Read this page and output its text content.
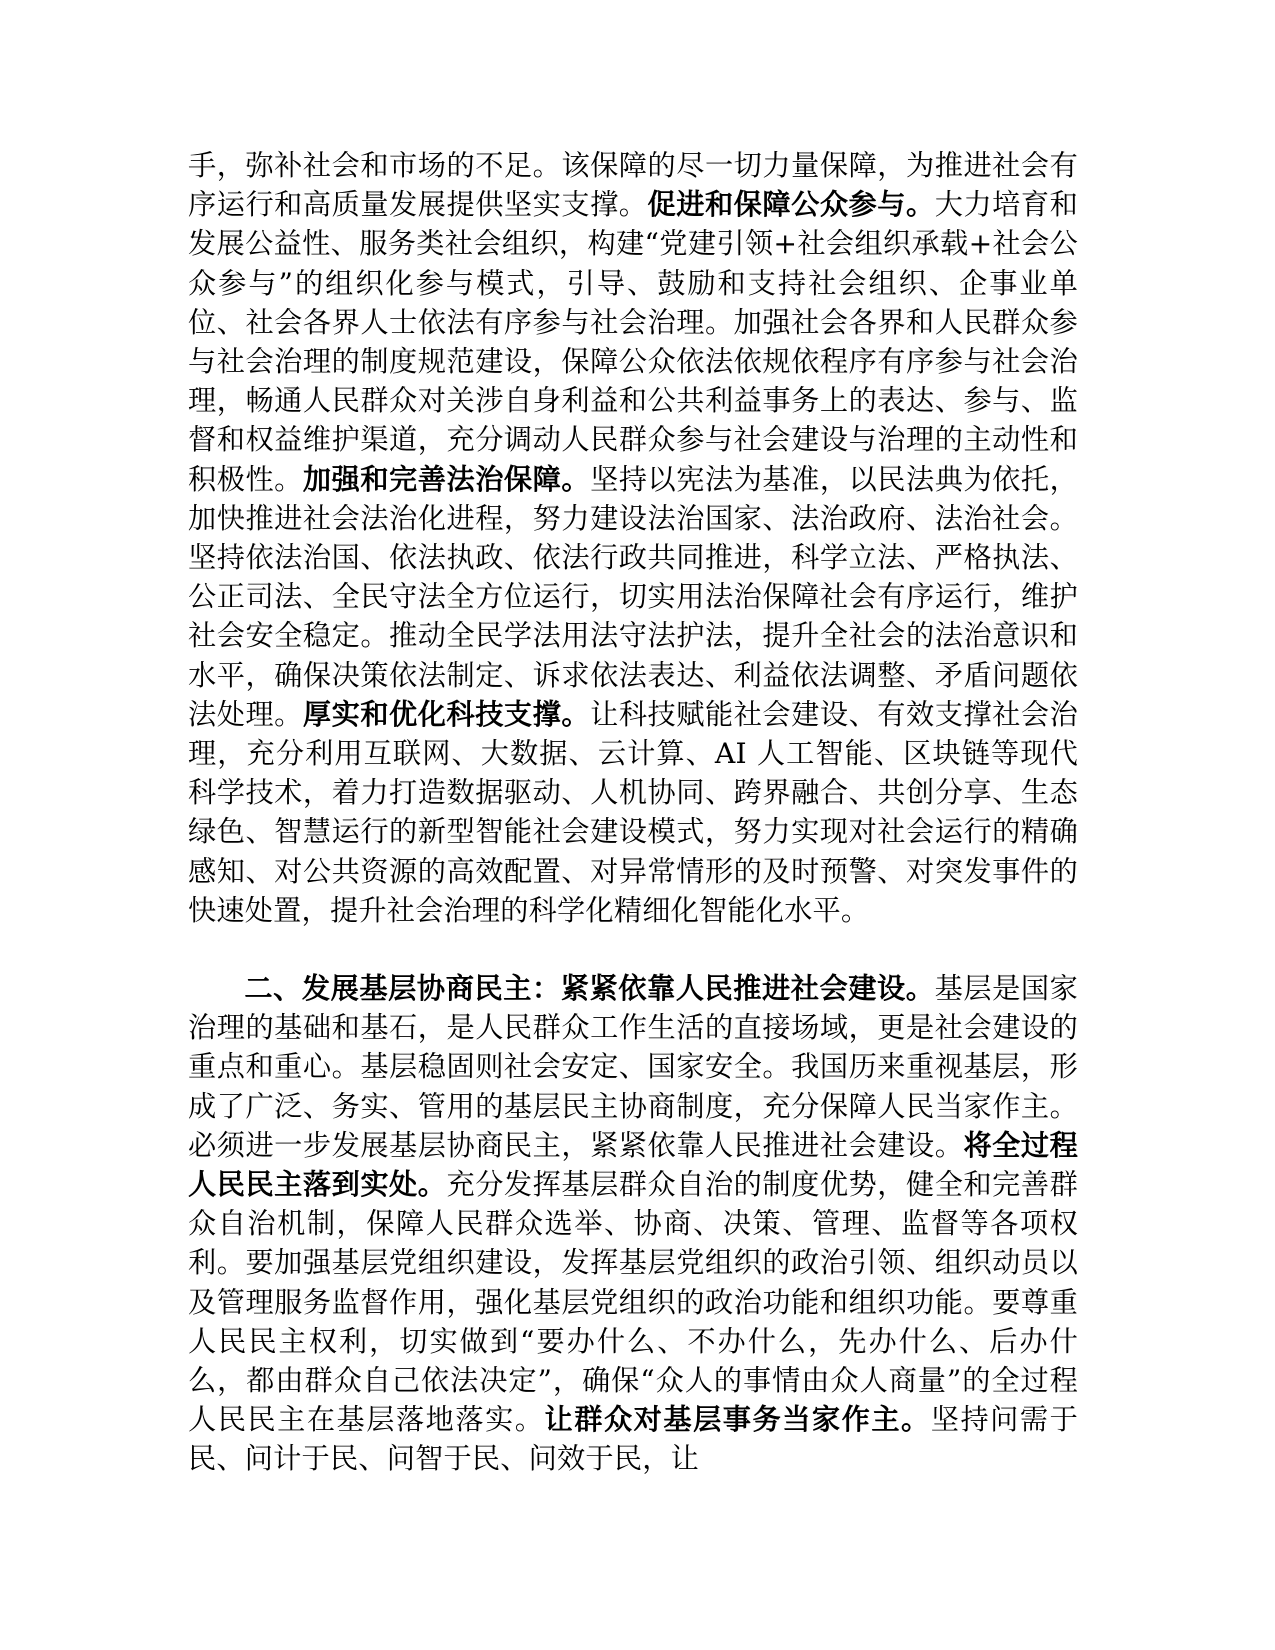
手，弥补社会和市场的不足。该保障的尽一切力量保障，为推进社会有序运行和高质量发展提供坚实支撑。促进和保障公众参与。大力培育和发展公益性、服务类社会组织，构建“党建引领+社会组织承载+社会公众参与”的组织化参与模式，引导、鼓励和支持社会组织、企事业单位、社会各界人士依法有序参与社会治理。加强社会各界和人民群众参与社会治理的制度规范建设，保障公众依法依规依程序有序参与社会治理，畅通人民群众对关涉自身利益和公共利益事务上的表达、参与、监督和权益维护渠道，充分调动人民群众参与社会建设与治理的主动性和积极性。加强和完善法治保障。坚持以宪法为基准，以民法典为依托，加快推进社会法治化进程，努力建设法治国家、法治政府、法治社会。坚持依法治国、依法执政、依法行政共同推进，科学立法、严格执法、公正司法、全民守法全方位运行，切实用法治保障社会有序运行，维护社会安全稳定。推动全民学法用法守法护法，提升全社会的法治意识和水平，确保决策依法制定、诉求依法表达、利益依法调整、矛盾问题依法处理。厚实和优化科技支撑。让科技赋能社会建设、有效支撑社会治理，充分利用互联网、大数据、云计算、AI 人工智能、区块链等现代科学技术，着力打造数据驱动、人机协同、跨界融合、共创分享、生态绿色、智慧运行的新型智能社会建设模式，努力实现对社会运行的精确感知、对公共资源的高效配置、对异常情形的及时预警、对突发事件的快速处置，提升社会治理的科学化精细化智能化水平。

二、发展基层协商民主：紧紧依靠人民推进社会建设。基层是国家治理的基础和基石，是人民群众工作生活的直接场域，更是社会建设的重点和重心。基层稳固则社会安定、国家安全。我国历来重视基层，形成了广泛、务实、管用的基层民主协商制度，充分保障人民当家作主。必须进一步发展基层协商民主，紧紧依靠人民推进社会建设。将全过程人民民主落到实处。充分发挥基层群众自治的制度优势，健全和完善群众自治机制，保障人民群众选举、协商、决策、管理、监督等各项权利。要加强基层党组织建设，发挥基层党组织的政治引领、组织动员以及管理服务监督作用，强化基层党组织的政治功能和组织功能。要尊重人民民主权利，切实做到“要办什么、不办什么，先办什么、后办什么，都由群众自己依法决定”，确保“众人的事情由众人商量”的全过程人民民主在基层落地落实。让群众对基层事务当家作主。坚持问需于民、问计于民、问智于民、问效于民，让
